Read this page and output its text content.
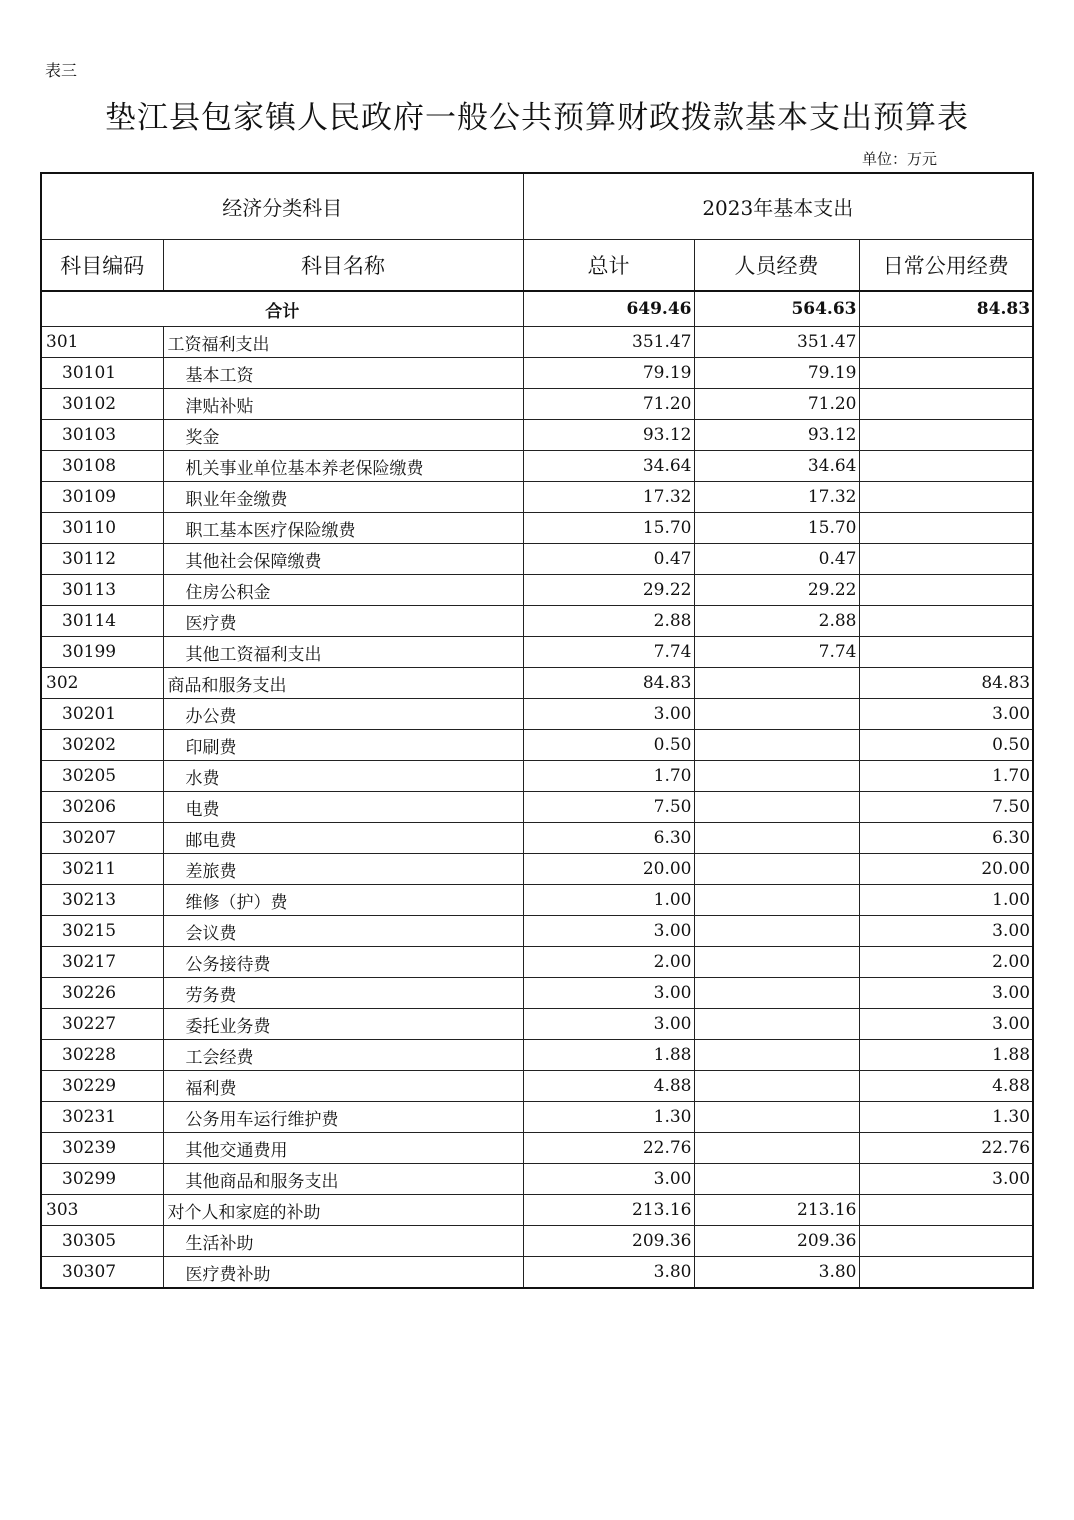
表三
垫江县包家镇人民政府一般公共预算财政拨款基本支出预算表
单位：万元
经济分类科目		2023年基本支出		
科目编码	科目名称	总计	人员经费	日常公用经费
合计		649.46	564.63	84.83
301	工资福利支出	351.47	351.47	
30101	基本工资	79.19	79.19	
30102	津贴补贴	71.20	71.20	
30103	奖金	93.12	93.12	
30108	机关事业单位基本养老保险缴费	34.64	34.64	
30109	职业年金缴费	17.32	17.32	
30110	职工基本医疗保险缴费	15.70	15.70	
30112	其他社会保障缴费	0.47	0.47	
30113	住房公积金	29.22	29.22	
30114	医疗费	2.88	2.88	
30199	其他工资福利支出	7.74	7.74	
302	商品和服务支出	84.83		84.83
30201	办公费	3.00		3.00
30202	印刷费	0.50		0.50
30205	水费	1.70		1.70
30206	电费	7.50		7.50
30207	邮电费	6.30		6.30
30211	差旅费	20.00		20.00
30213	维修（护）费	1.00		1.00
30215	会议费	3.00		3.00
30217	公务接待费	2.00		2.00
30226	劳务费	3.00		3.00
30227	委托业务费	3.00		3.00
30228	工会经费	1.88		1.88
30229	福利费	4.88		4.88
30231	公务用车运行维护费	1.30		1.30
30239	其他交通费用	22.76		22.76
30299	其他商品和服务支出	3.00		3.00
303	对个人和家庭的补助	213.16	213.16	
30305	生活补助	209.36	209.36	
30307	医疗费补助	3.80	3.80	
